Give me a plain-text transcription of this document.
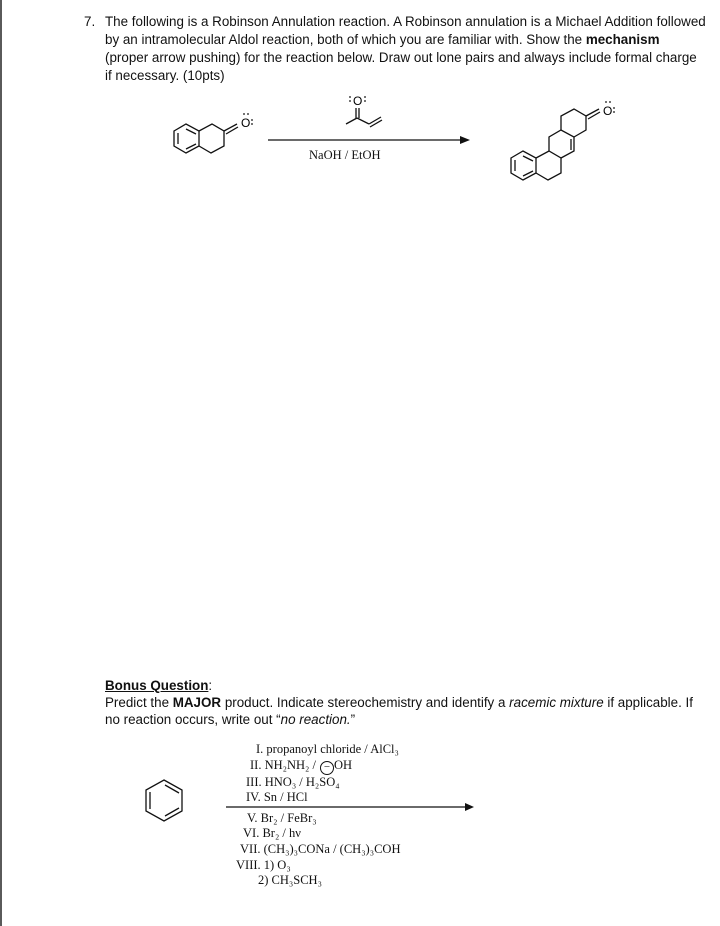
7. The following is a Robinson Annulation reaction. A Robinson annulation is a Michael Addition followed by an intramolecular Aldol reaction, both of which you are familiar with. Show the mechanism (proper arrow pushing) for the reaction below. Draw out lone pairs and always include formal charge if necessary. (10pts)
O
O
O
NaOH / EtOH
Bonus Question:
Predict the MAJOR product. Indicate stereochemistry and identify a racemic mixture if applicable. If no reaction occurs, write out “no reaction.”
I. propanoyl chloride / AlCl₃
II. NH₂NH₂ / − OH
III. HNO₃ / H₂SO₄
IV. Sn / HCl
V. Br₂ / FeBr₃
VI. Br₂ / hν
VII. (CH₃)₃CONa / (CH₃)₃COH
VIII. 1) O₃
2) CH₃SCH₃
